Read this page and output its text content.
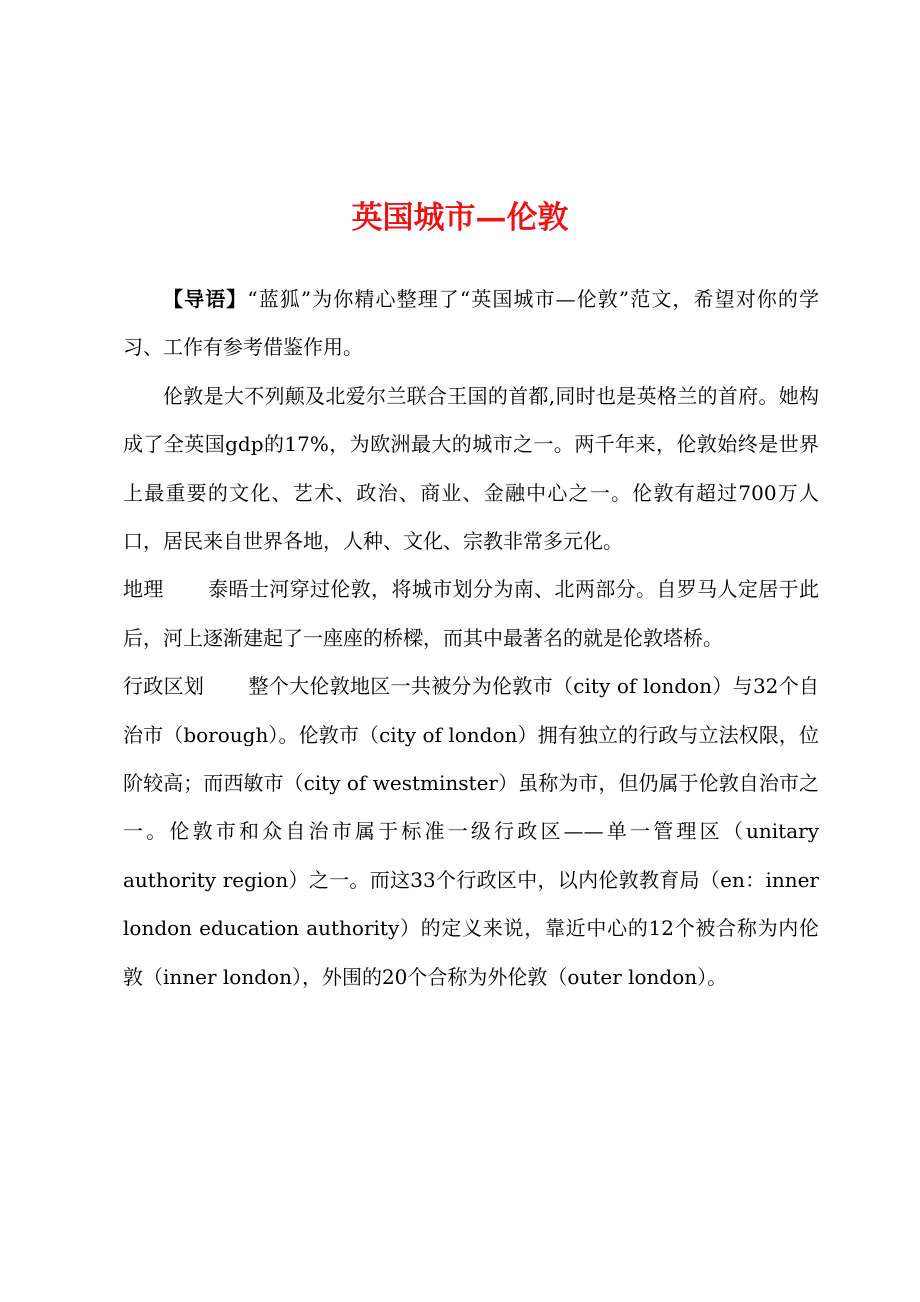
英国城市—伦敦

【导语】“蓝狐”为你精心整理了“英国城市—伦敦”范文，希望对你的学习、工作有参考借鉴作用。

伦敦是大不列颠及北爱尔兰联合王国的首都,同时也是英格兰的首府。她构成了全英国gdp的17%，为欧洲最大的城市之一。两千年来，伦敦始终是世界上最重要的文化、艺术、政治、商业、金融中心之一。伦敦有超过700万人口，居民来自世界各地，人种、文化、宗教非常多元化。

地理 泰晤士河穿过伦敦，将城市划分为南、北两部分。自罗马人定居于此后，河上逐渐建起了一座座的桥樑，而其中最著名的就是伦敦塔桥。

行政区划 整个大伦敦地区一共被分为伦敦市（city of london）与32个自治市（borough）。伦敦市（city of london）拥有独立的行政与立法权限，位阶较高；而西敏市（city of westminster）虽称为市，但仍属于伦敦自治市之一。伦敦市和众自治市属于标准一级行政区——单一管理区（unitary authority region）之一。而这33个行政区中，以内伦敦教育局（en：inner london education authority）的定义来说，靠近中心的12个被合称为内伦敦（inner london），外围的20个合称为外伦敦（outer london）。
